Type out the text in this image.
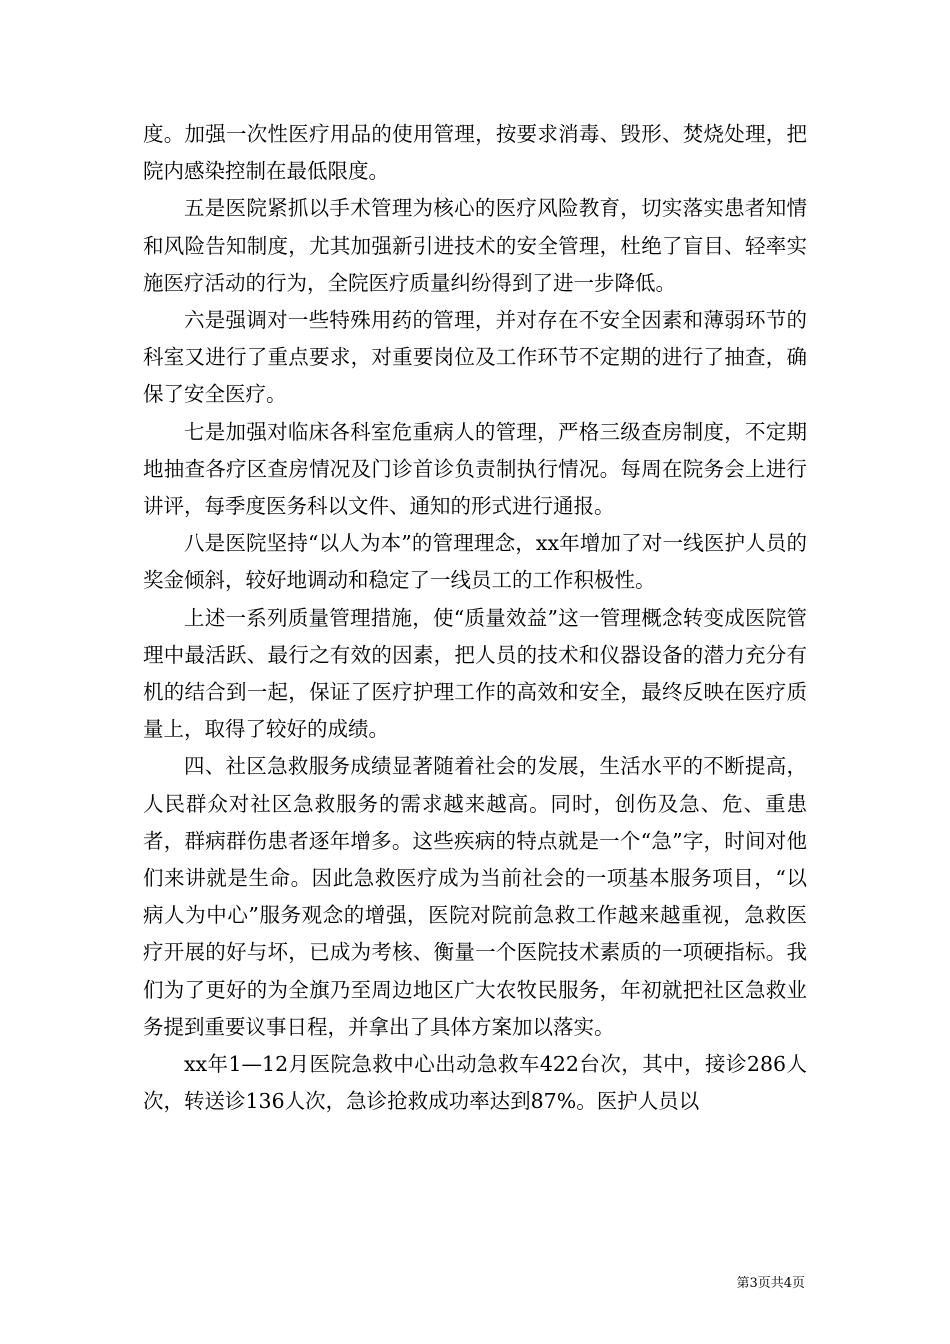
度。加强一次性医疗用品的使用管理，按要求消毒、毁形、焚烧处理，把院内感染控制在最低限度。

五是医院紧抓以手术管理为核心的医疗风险教育，切实落实患者知情和风险告知制度，尤其加强新引进技术的安全管理，杜绝了盲目、轻率实施医疗活动的行为，全院医疗质量纠纷得到了进一步降低。

六是强调对一些特殊用药的管理，并对存在不安全因素和薄弱环节的科室又进行了重点要求，对重要岗位及工作环节不定期的进行了抽查，确保了安全医疗。

七是加强对临床各科室危重病人的管理，严格三级查房制度，不定期地抽查各疗区查房情况及门诊首诊负责制执行情况。每周在院务会上进行讲评，每季度医务科以文件、通知的形式进行通报。

八是医院坚持“以人为本”的管理理念，xx年增加了对一线医护人员的奖金倾斜，较好地调动和稳定了一线员工的工作积极性。

上述一系列质量管理措施，使“质量效益”这一管理概念转变成医院管理中最活跃、最行之有效的因素，把人员的技术和仪器设备的潜力充分有机的结合到一起，保证了医疗护理工作的高效和安全，最终反映在医疗质量上，取得了较好的成绩。

四、社区急救服务成绩显著随着社会的发展，生活水平的不断提高，人民群众对社区急救服务的需求越来越高。同时，创伤及急、危、重患者，群病群伤患者逐年增多。这些疾病的特点就是一个“急”字，时间对他们来讲就是生命。因此急救医疗成为当前社会的一项基本服务项目，“以病人为中心”服务观念的增强，医院对院前急救工作越来越重视，急救医疗开展的好与坏，已成为考核、衡量一个医院技术素质的一项硬指标。我们为了更好的为全旗乃至周边地区广大农牧民服务，年初就把社区急救业务提到重要议事日程，并拿出了具体方案加以落实。

xx年1—12月医院急救中心出动急救车422台次，其中，接诊286人次，转送诊136人次，急诊抢救成功率达到87%。医护人员以

第3页共4页
